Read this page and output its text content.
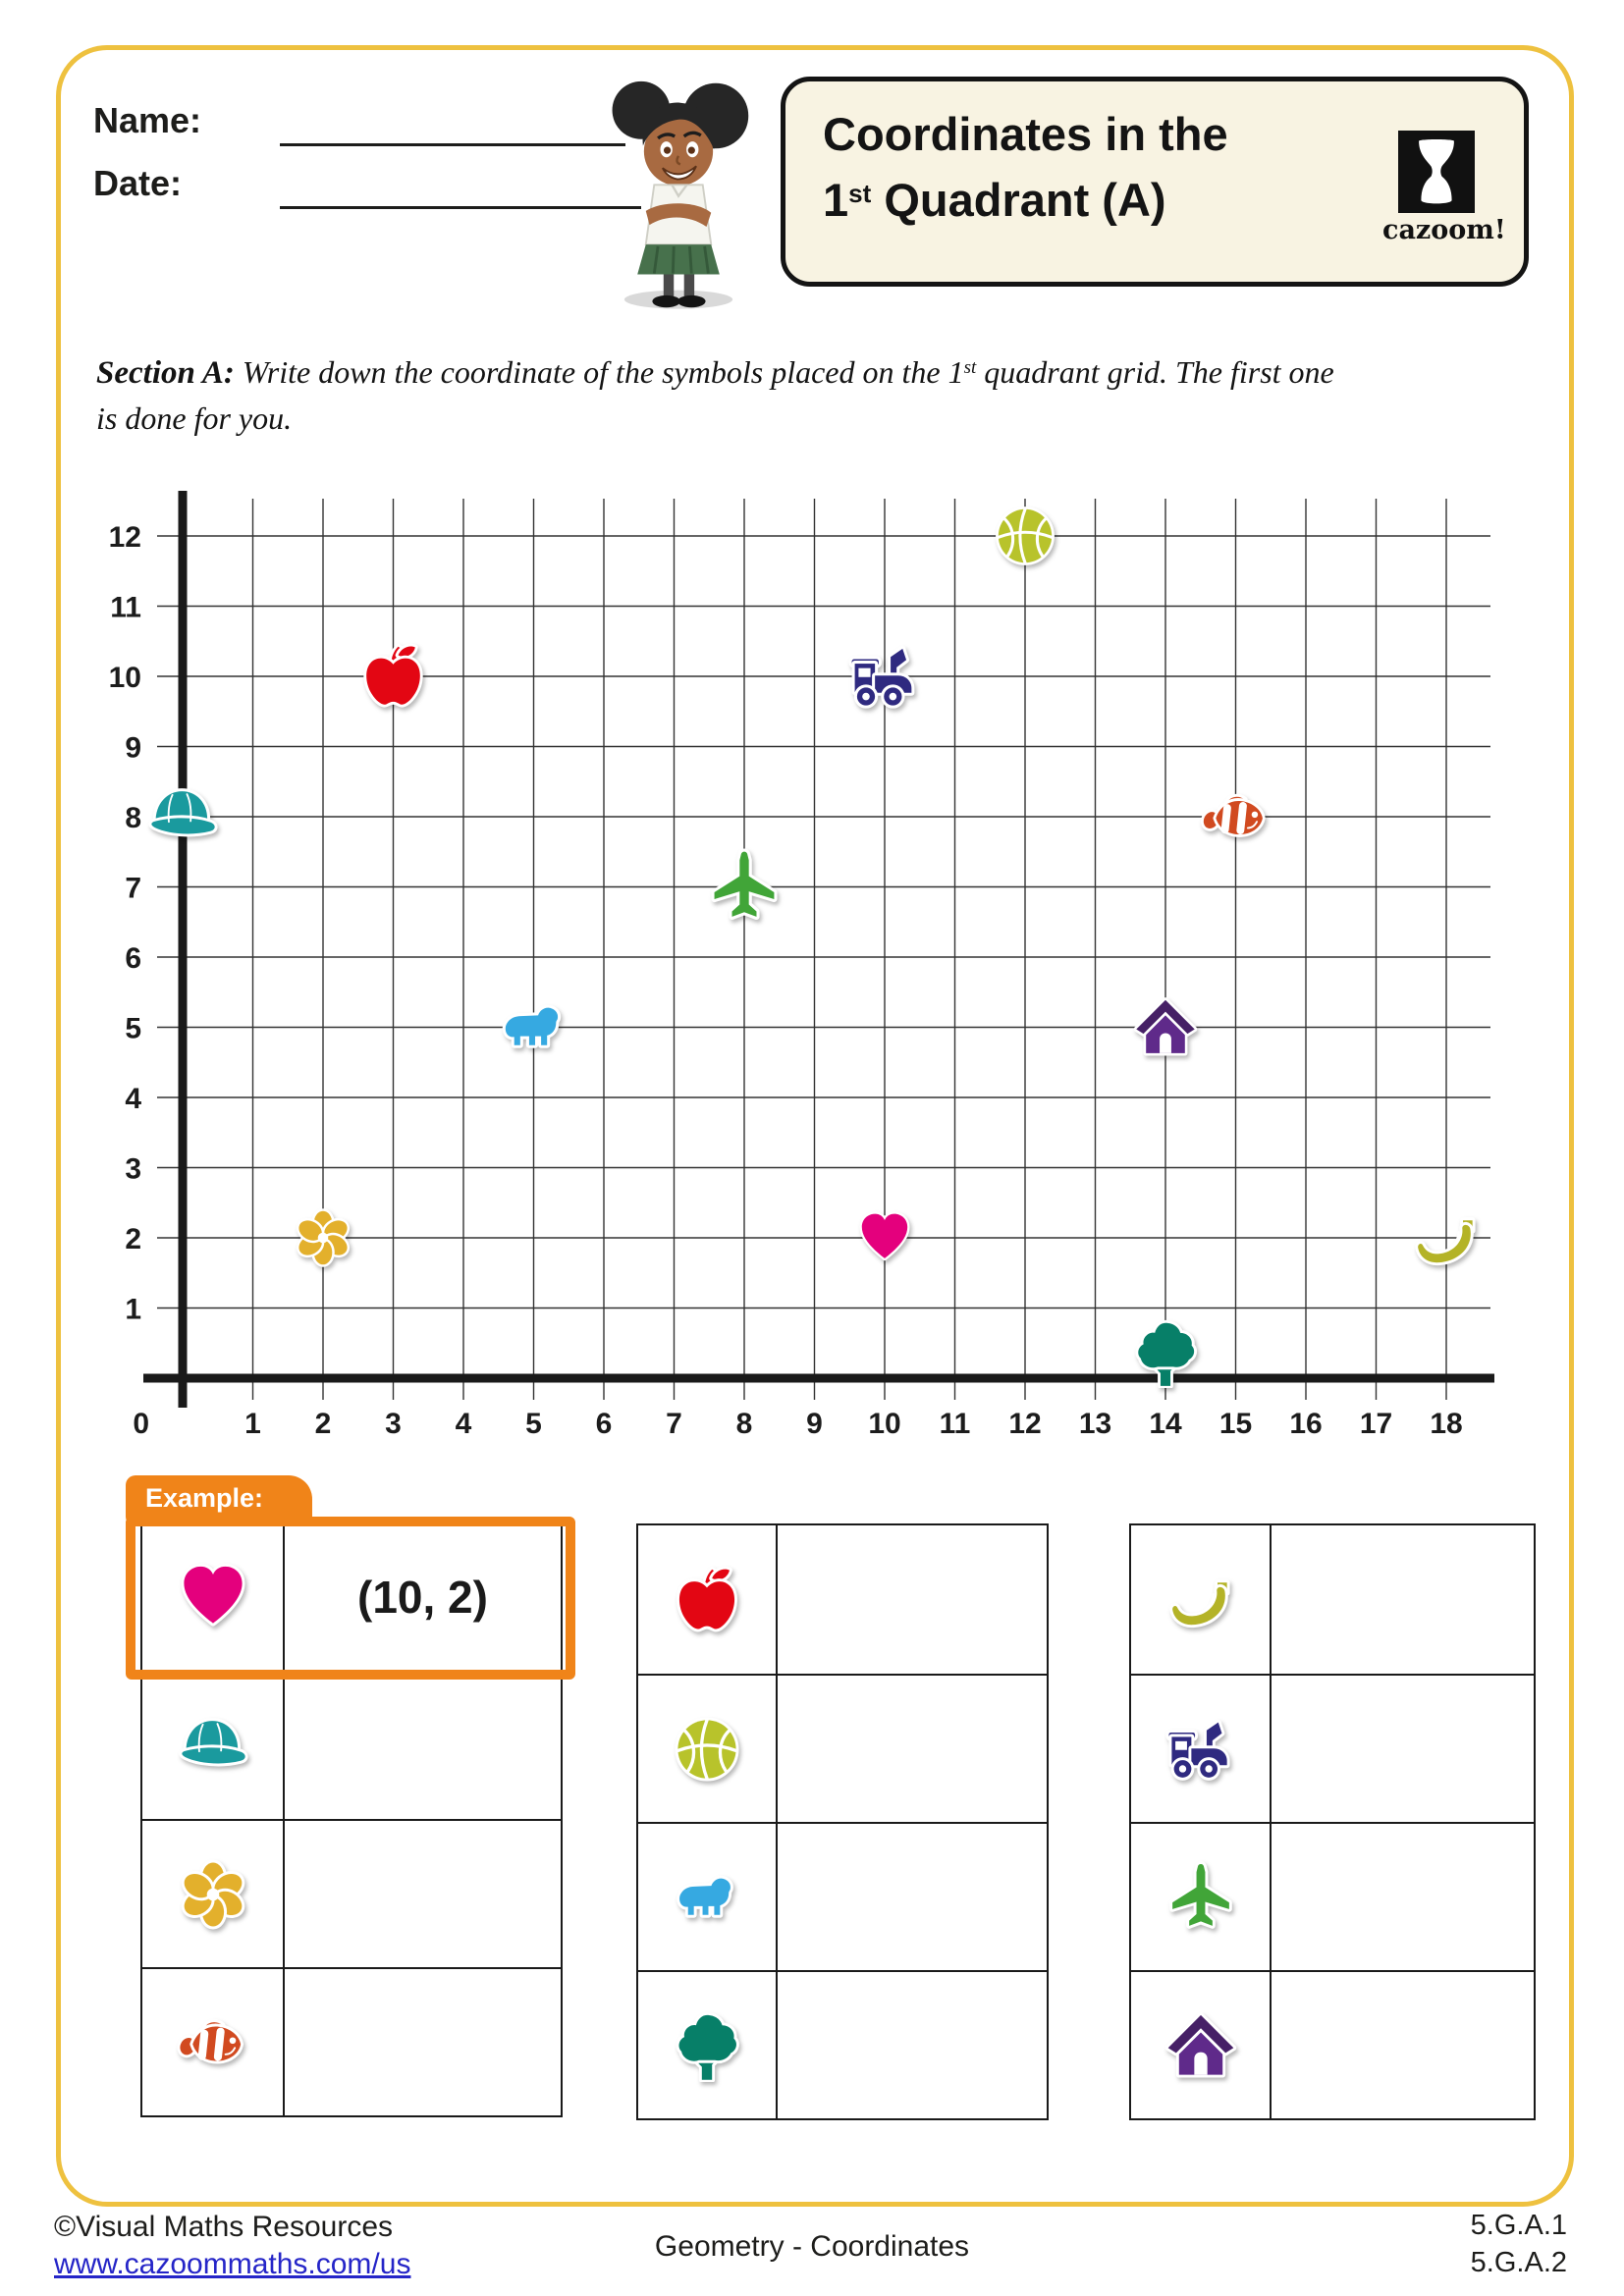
Name:
Date:
Coordinates in the
1st Quadrant (A)
cazoom!
Section A: Write down the coordinate of the symbols placed on the 1st quadrant grid. The first one
is done for you.
1
2
3
4
5
6
7
8
9
10
11
12
1 2 3 4 5 6 7 8 9 10 11 12 13 14 15 16 17 18
0
(10, 2)
Example:
©Visual Maths Resources
www.cazoommaths.com/us
Geometry - Coordinates
5.G.A.1
5.G.A.2
